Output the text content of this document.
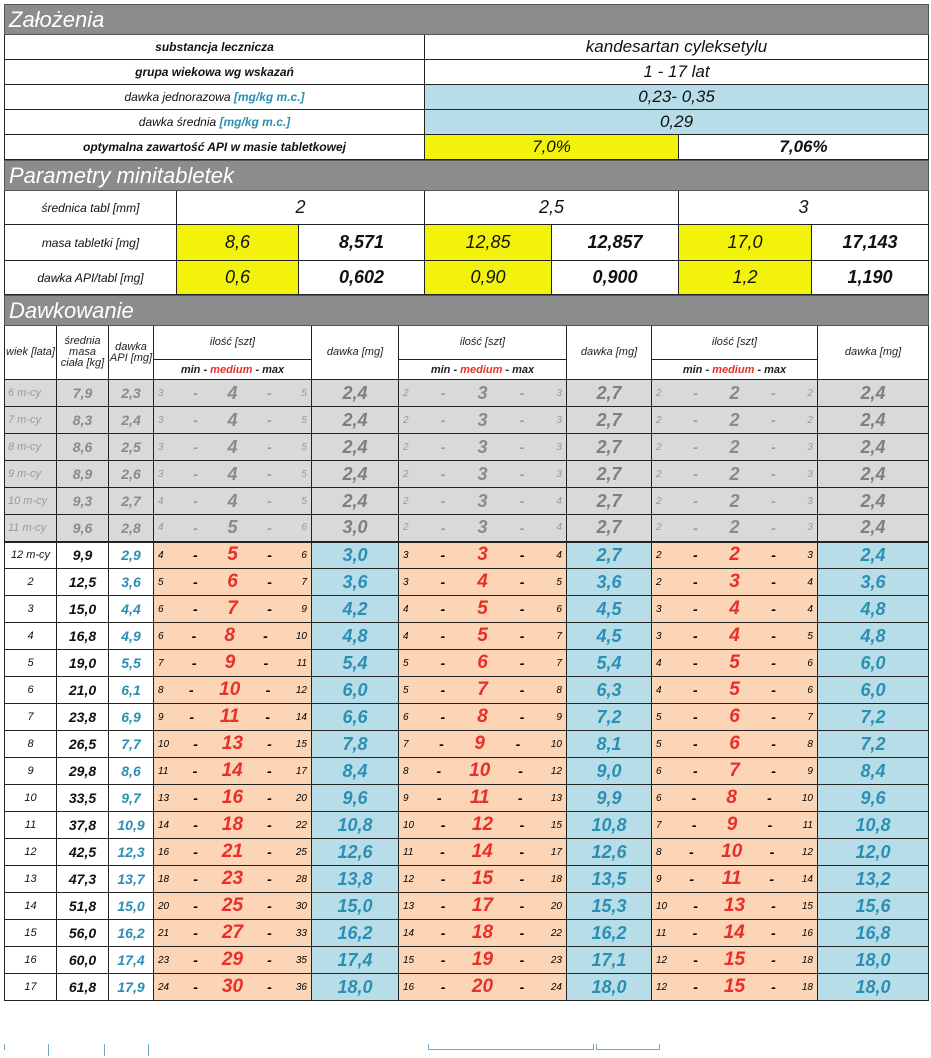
Założenia		
substancja lecznicza	kandesartan cyleksetylu	
grupa wiekowa wg wskazań	1 - 17 lat	
dawka jednorazowa [mg/kg m.c.]	0,23- 0,35	
dawka średnia [mg/kg m.c.]	0,29	
optymalna zawartość API w masie tabletkowej	7,0%	7,06%
Parametry minitabletek						
średnica tabl [mm]	2		2,5		3	
masa tabletki [mg]	8,6	8,571	12,85	12,857	17,0	17,143
dawka API/tabl [mg]	0,6	0,602	0,90	0,900	1,2	1,190
Dawkowanie								
wiek [lata]	średnia masa ciała [kg]	dawka API [mg]	ilość [szt]	dawka [mg]	ilość [szt]	dawka [mg]	ilość [szt]	dawka [mg]
			min - medium - max		min - medium - max		min - medium - max	
6 m-cy	7,9	2,3	3 - 4 - 5	2,4	2 - 3 - 3	2,7	2 - 2 - 2	2,4
7 m-cy	8,3	2,4	3 - 4 - 5	2,4	2 - 3 - 3	2,7	2 - 2 - 2	2,4
8 m-cy	8,6	2,5	3 - 4 - 5	2,4	2 - 3 - 3	2,7	2 - 2 - 3	2,4
9 m-cy	8,9	2,6	3 - 4 - 5	2,4	2 - 3 - 3	2,7	2 - 2 - 3	2,4
10 m-cy	9,3	2,7	4 - 4 - 5	2,4	2 - 3 - 4	2,7	2 - 2 - 3	2,4
11 m-cy	9,6	2,8	4 - 5 - 6	3,0	2 - 3 - 4	2,7	2 - 2 - 3	2,4
12 m-cy	9,9	2,9	4 - 5 - 6	3,0	3 - 3 - 4	2,7	2 - 2 - 3	2,4
2	12,5	3,6	5 - 6 - 7	3,6	3 - 4 - 5	3,6	2 - 3 - 4	3,6
3	15,0	4,4	6 - 7 - 9	4,2	4 - 5 - 6	4,5	3 - 4 - 4	4,8
4	16,8	4,9	6 - 8 - 10	4,8	4 - 5 - 7	4,5	3 - 4 - 5	4,8
5	19,0	5,5	7 - 9 - 11	5,4	5 - 6 - 7	5,4	4 - 5 - 6	6,0
6	21,0	6,1	8 - 10 - 12	6,0	5 - 7 - 8	6,3	4 - 5 - 6	6,0
7	23,8	6,9	9 - 11 - 14	6,6	6 - 8 - 9	7,2	5 - 6 - 7	7,2
8	26,5	7,7	10 - 13 - 15	7,8	7 - 9 - 10	8,1	5 - 6 - 8	7,2
9	29,8	8,6	11 - 14 - 17	8,4	8 - 10 - 12	9,0	6 - 7 - 9	8,4
10	33,5	9,7	13 - 16 - 20	9,6	9 - 11 - 13	9,9	6 - 8 - 10	9,6
11	37,8	10,9	14 - 18 - 22	10,8	10 - 12 - 15	10,8	7 - 9 - 11	10,8
12	42,5	12,3	16 - 21 - 25	12,6	11 - 14 - 17	12,6	8 - 10 - 12	12,0
13	47,3	13,7	18 - 23 - 28	13,8	12 - 15 - 18	13,5	9 - 11 - 14	13,2
14	51,8	15,0	20 - 25 - 30	15,0	13 - 17 - 20	15,3	10 - 13 - 15	15,6
15	56,0	16,2	21 - 27 - 33	16,2	14 - 18 - 22	16,2	11 - 14 - 16	16,8
16	60,0	17,4	23 - 29 - 35	17,4	15 - 19 - 23	17,1	12 - 15 - 18	18,0
17	61,8	17,9	24 - 30 - 36	18,0	16 - 20 - 24	18,0	12 - 15 - 18	18,0
